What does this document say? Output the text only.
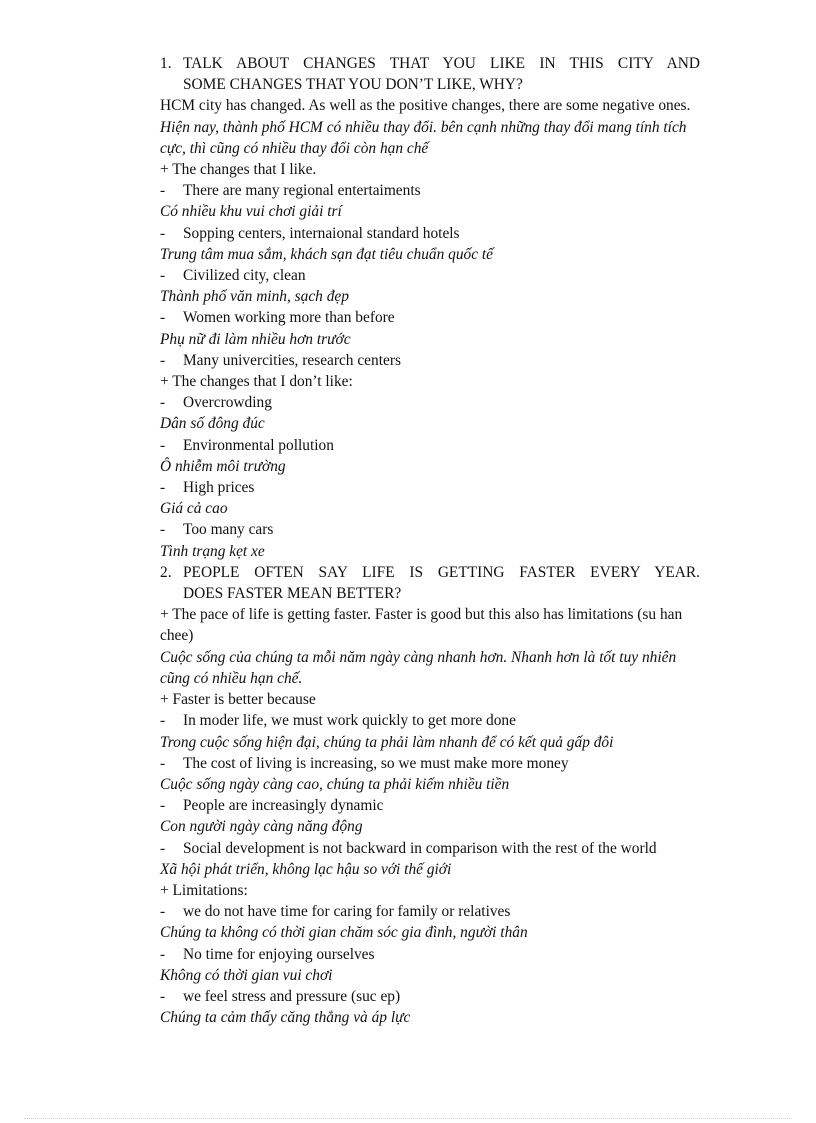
1. TALK ABOUT CHANGES THAT YOU LIKE IN THIS CITY AND
SOME CHANGES THAT YOU DON’T LIKE, WHY?
HCM city has changed. As well as the positive changes, there are some negative ones.
Hiện nay, thành phố HCM có nhiều thay đổi. bên cạnh những thay đổi mang tính tích cực, thì cũng có nhiều thay đổi còn hạn chế
+ The changes that I like.
-	There are many regional entertaiments
Có nhiều khu vui chơi giải trí
-	Sopping centers, internaional standard hotels
Trung tâm mua sắm, khách sạn đạt tiêu chuẩn quốc tế
-	Civilized city, clean
Thành phố văn minh, sạch đẹp
-	Women working more than before
Phụ nữ đi làm nhiều hơn trước
-	Many univercities, research centers
+ The changes that I don’t like:
-	Overcrowding
Dân số đông đúc
-	Environmental pollution
Ô nhiễm môi trường
-	High prices
Giá cả cao
-	Too many cars
Tình trạng kẹt xe
2. PEOPLE OFTEN SAY LIFE IS GETTING FASTER EVERY YEAR.
DOES FASTER MEAN BETTER?
+ The pace of life is getting faster. Faster is good but this also has limitations (su han chee)
Cuộc sống của chúng ta mỗi năm ngày càng nhanh hơn. Nhanh hơn là tốt tuy nhiên cũng có nhiều hạn chế.
+ Faster is better because
-	In moder life, we must work quickly to get more done
Trong cuộc sống hiện đại, chúng ta phải làm nhanh để có kết quả gấp đôi
-	The cost of living is increasing, so we must make more money
Cuộc sống ngày càng cao, chúng ta phải kiếm nhiều tiền
-	People are increasingly dynamic
Con người ngày càng năng động
-	Social development is not backward in comparison with the rest of the world
Xã hội phát triển, không lạc hậu so với thế giới
+ Limitations:
-	we do not have time for caring for family or relatives
Chúng ta không có thời gian chăm sóc gia đình, người thân
-	No time for enjoying ourselves
Không có thời gian vui chơi
-	we feel stress and pressure (suc ep)
Chúng ta cảm thấy căng thẳng và áp lực
